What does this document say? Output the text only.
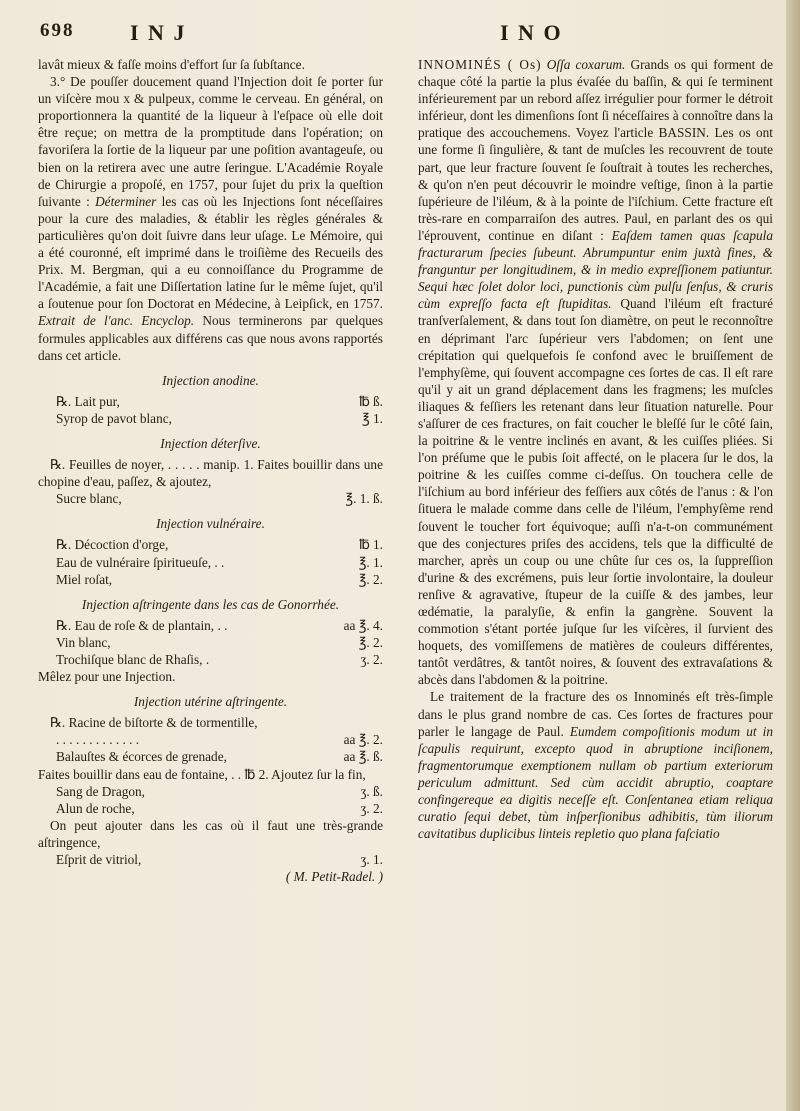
698	I N J	I N O

lavât mieux & faſſe moins d'effort ſur ſa ſubſtance.

3.° De pouſſer doucement quand l'Injection doit ſe porter ſur un viſcère mou x & pulpeux, comme le cerveau. En général, on proportionnera la quantité de la liqueur à l'eſpace où elle doit être reçue; on mettra de la promptitude dans l'opération; on favoriſera la ſortie de la liqueur par une poſition avantageuſe, ou bien on la retirera avec une autre ſeringue. L'Académie Royale de Chirurgie a propoſé, en 1757, pour ſujet du prix la queſtion ſuivante : Déterminer les cas où les Injections ſont néceſſaires pour la cure des maladies, & établir les règles générales & particulières qu'on doit ſuivre dans leur uſage. Le Mémoire, qui a été couronné, eſt imprimé dans le troiſième des Recueils des Prix. M. Bergman, qui a eu connoiſſance du Programme de l'Académie, a fait une Diſſertation latine ſur le même ſujet, qu'il a ſoutenue pour ſon Doctorat en Médecine, à Leipſick, en 1757. Extrait de l'anc. Encyclop. Nous terminerons par quelques formules applicables aux différens cas que nous avons rapportés dans cet article.

Injection anodine.

℞. Lait pur,	℔ ß.

Syrop de pavot blanc,	℥ 1.

Injection déterſive.

℞. Feuilles de noyer, . . . . . manip. 1. Faites bouillir dans une chopine d'eau, paſſez, & ajoutez,

Sucre blanc,	℥. 1. ß.

Injection vulnéraire.

℞. Décoction d'orge,	℔ 1.

Eau de vulnéraire ſpiritueuſe, . .	℥. 1.

Miel roſat,	℥. 2.

Injection aſtringente dans les cas de Gonorrhée.

℞. Eau de roſe & de plantain, . .	aa ℥. 4.

Vin blanc,	℥. 2.

Trochiſque blanc de Rhaſis, .	ʒ. 2.

Mêlez pour une Injection.

Injection utérine aſtringente.

℞. Racine de biſtorte & de tormentille,

. . . . . . . . . . . . .	aa ℥. 2.

Balauſtes & écorces de grenade,	aa ℥. ß.

Faites bouillir dans eau de fontaine, . . ℔ 2. Ajoutez ſur la fin,

Sang de Dragon,	ʒ. ß.

Alun de roche,	ʒ. 2.

On peut ajouter dans les cas où il faut une très-grande aſtringence,

Eſprit de vitriol,	ʒ. 1.

( M. Petit-Radel. )

INNOMINÉS ( Os) Oſſa coxarum. Grands os qui forment de chaque côté la partie la plus évaſée du baſſin, & qui ſe terminent inférieurement par un rebord aſſez irrégulier pour former le détroit inférieur, dont les dimenſions ſont ſi néceſſaires à connoître dans la pratique des accouchemens. Voyez l'article BASSIN. Les os ont une forme ſi ſingulière, & tant de muſcles les recouvrent de toute part, que leur fracture ſouvent ſe ſouſtrait à toutes les recherches, & qu'on n'en peut découvrir le moindre veſtige, ſinon à la partie ſupérieure de l'iléum, & à la pointe de l'iſchium. Cette fracture eſt très-rare en comparraiſon des autres. Paul, en parlant des os qui l'éprouvent, continue en diſant : Eaſdem tamen quas ſcapula fracturarum ſpecies ſubeunt. Abrumpuntur enim juxtà fines, & franguntur per longitudinem, & in medio expreſſionem patiuntur. Sequi hæc ſolet dolor loci, punctionis cùm pulſu ſenſus, & cruris cùm expreſſo facta eſt ſtupiditas. Quand l'iléum eſt fracturé tranſverſalement, & dans tout ſon diamètre, on peut le reconnoître en déprimant l'arc ſupérieur vers l'abdomen; on ſent une crépitation qui quelquefois ſe confond avec le bruiſſement de l'emphyſème, qui ſouvent accompagne ces ſortes de cas. Il eſt rare qu'il y ait un grand déplacement dans les fragmens; les muſcles iliaques & feſſiers les retenant dans leur ſituation naturelle. Pour s'aſſurer de ces fractures, on fait coucher le bleſſé ſur le côté ſain, la poitrine & le ventre inclinés en avant, & les cuiſſes pliées. Si l'on préſume que le pubis ſoit affecté, on le placera ſur le dos, la poitrine & les cuiſſes comme ci-deſſus. On touchera celle de l'iſchium au bord inférieur des feſſiers aux côtés de l'anus : & l'on ſituera le malade comme dans celle de l'iléum, l'emphyſème rend ſouvent le toucher fort équivoque; auſſi n'a-t-on communément que des conjectures priſes des accidens, tels que la difficulté de marcher, après un coup ou une chûte ſur ces os, la ſuppreſſion d'urine & des excrémens, puis leur ſortie involontaire, la douleur renſive & agravative, ſtupeur de la cuiſſe & des jambes, leur œdématie, la paralyſie, & enfin la gangrène. Souvent la commotion s'étant portée juſque ſur les viſcères, il ſurvient des hoquets, des vomiſſemens de matières de couleurs différentes, tantôt verdâtres, & tantôt noires, & ſouvent des extravaſations & abcès dans l'abdomen & la poitrine.

Le traitement de la fracture des os Innominés eſt très-ſimple dans le plus grand nombre de cas. Ces ſortes de fractures pour parler le langage de Paul. Eumdem compoſitionis modum ut in ſcapulis requirunt, excepto quod in abruptione inciſionem, fragmentorumque exemptionem nullam ob partium exteriorum periculum admittunt. Sed cùm accidit abruptio, coaptare confingereque ea digitis neceſſe eſt. Conſentanea etiam reliqua curatio ſequi debet, tùm inſperſionibus adhibitis, tùm iliorum cavitatibus duplicibus linteis repletio quo plana faſciatio
